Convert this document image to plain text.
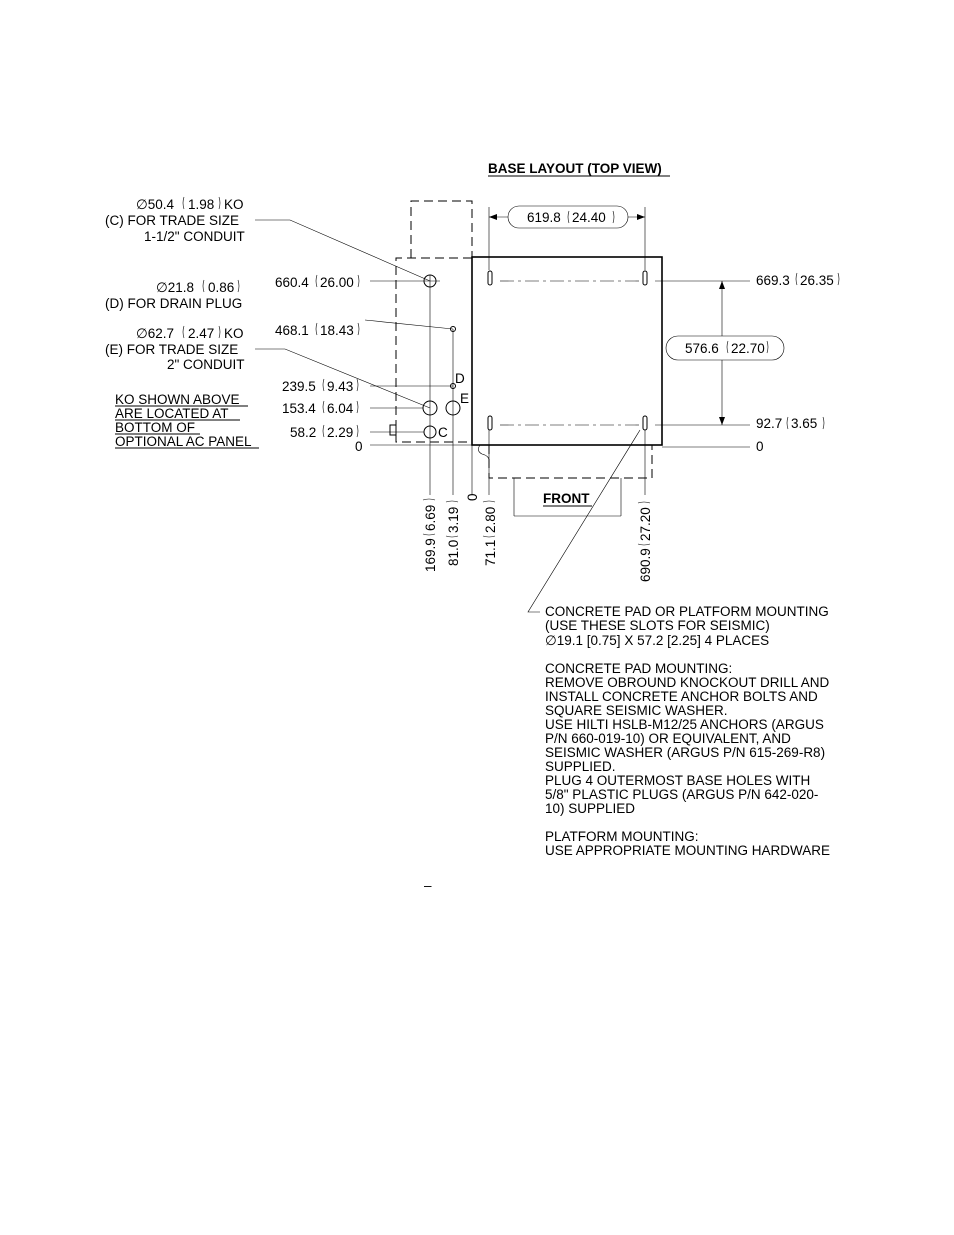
BASE LAYOUT (TOP VIEW)
D
E
C
619.8 24.40
576.6 22.70
669.3 26.35
92.7 3.65
0
660.4 26.00
468.1 18.43
239.5 9.43
153.4 6.04
58.2 2.29
0
∅50.4 1.98 KO
(C) FOR TRADE SIZE
1-1/2" CONDUIT
∅21.8 0.86
(D) FOR DRAIN PLUG
∅62.7 2.47 KO
(E) FOR TRADE SIZE
2" CONDUIT
KO SHOWN ABOVE
ARE LOCATED AT
BOTTOM OF
OPTIONAL AC PANEL
FRONT
169.9
6.69
81.0
3.19
0
71.1
2.80
690.9
27.20
CONCRETE PAD OR PLATFORM MOUNTING
(USE THESE SLOTS FOR SEISMIC)
∅19.1 [0.75] X 57.2 [2.25] 4 PLACES
CONCRETE PAD MOUNTING:
REMOVE OBROUND KNOCKOUT DRILL AND
INSTALL CONCRETE ANCHOR BOLTS AND
SQUARE SEISMIC WASHER.
USE HILTI HSLB-M12/25 ANCHORS (ARGUS
P/N 660-019-10) OR EQUIVALENT, AND
SEISMIC WASHER (ARGUS P/N 615-269-R8)
SUPPLIED.
PLUG 4 OUTERMOST BASE HOLES WITH
5/8" PLASTIC PLUGS (ARGUS P/N 642-020-
10) SUPPLIED
PLATFORM MOUNTING:
USE APPROPRIATE MOUNTING HARDWARE
–
